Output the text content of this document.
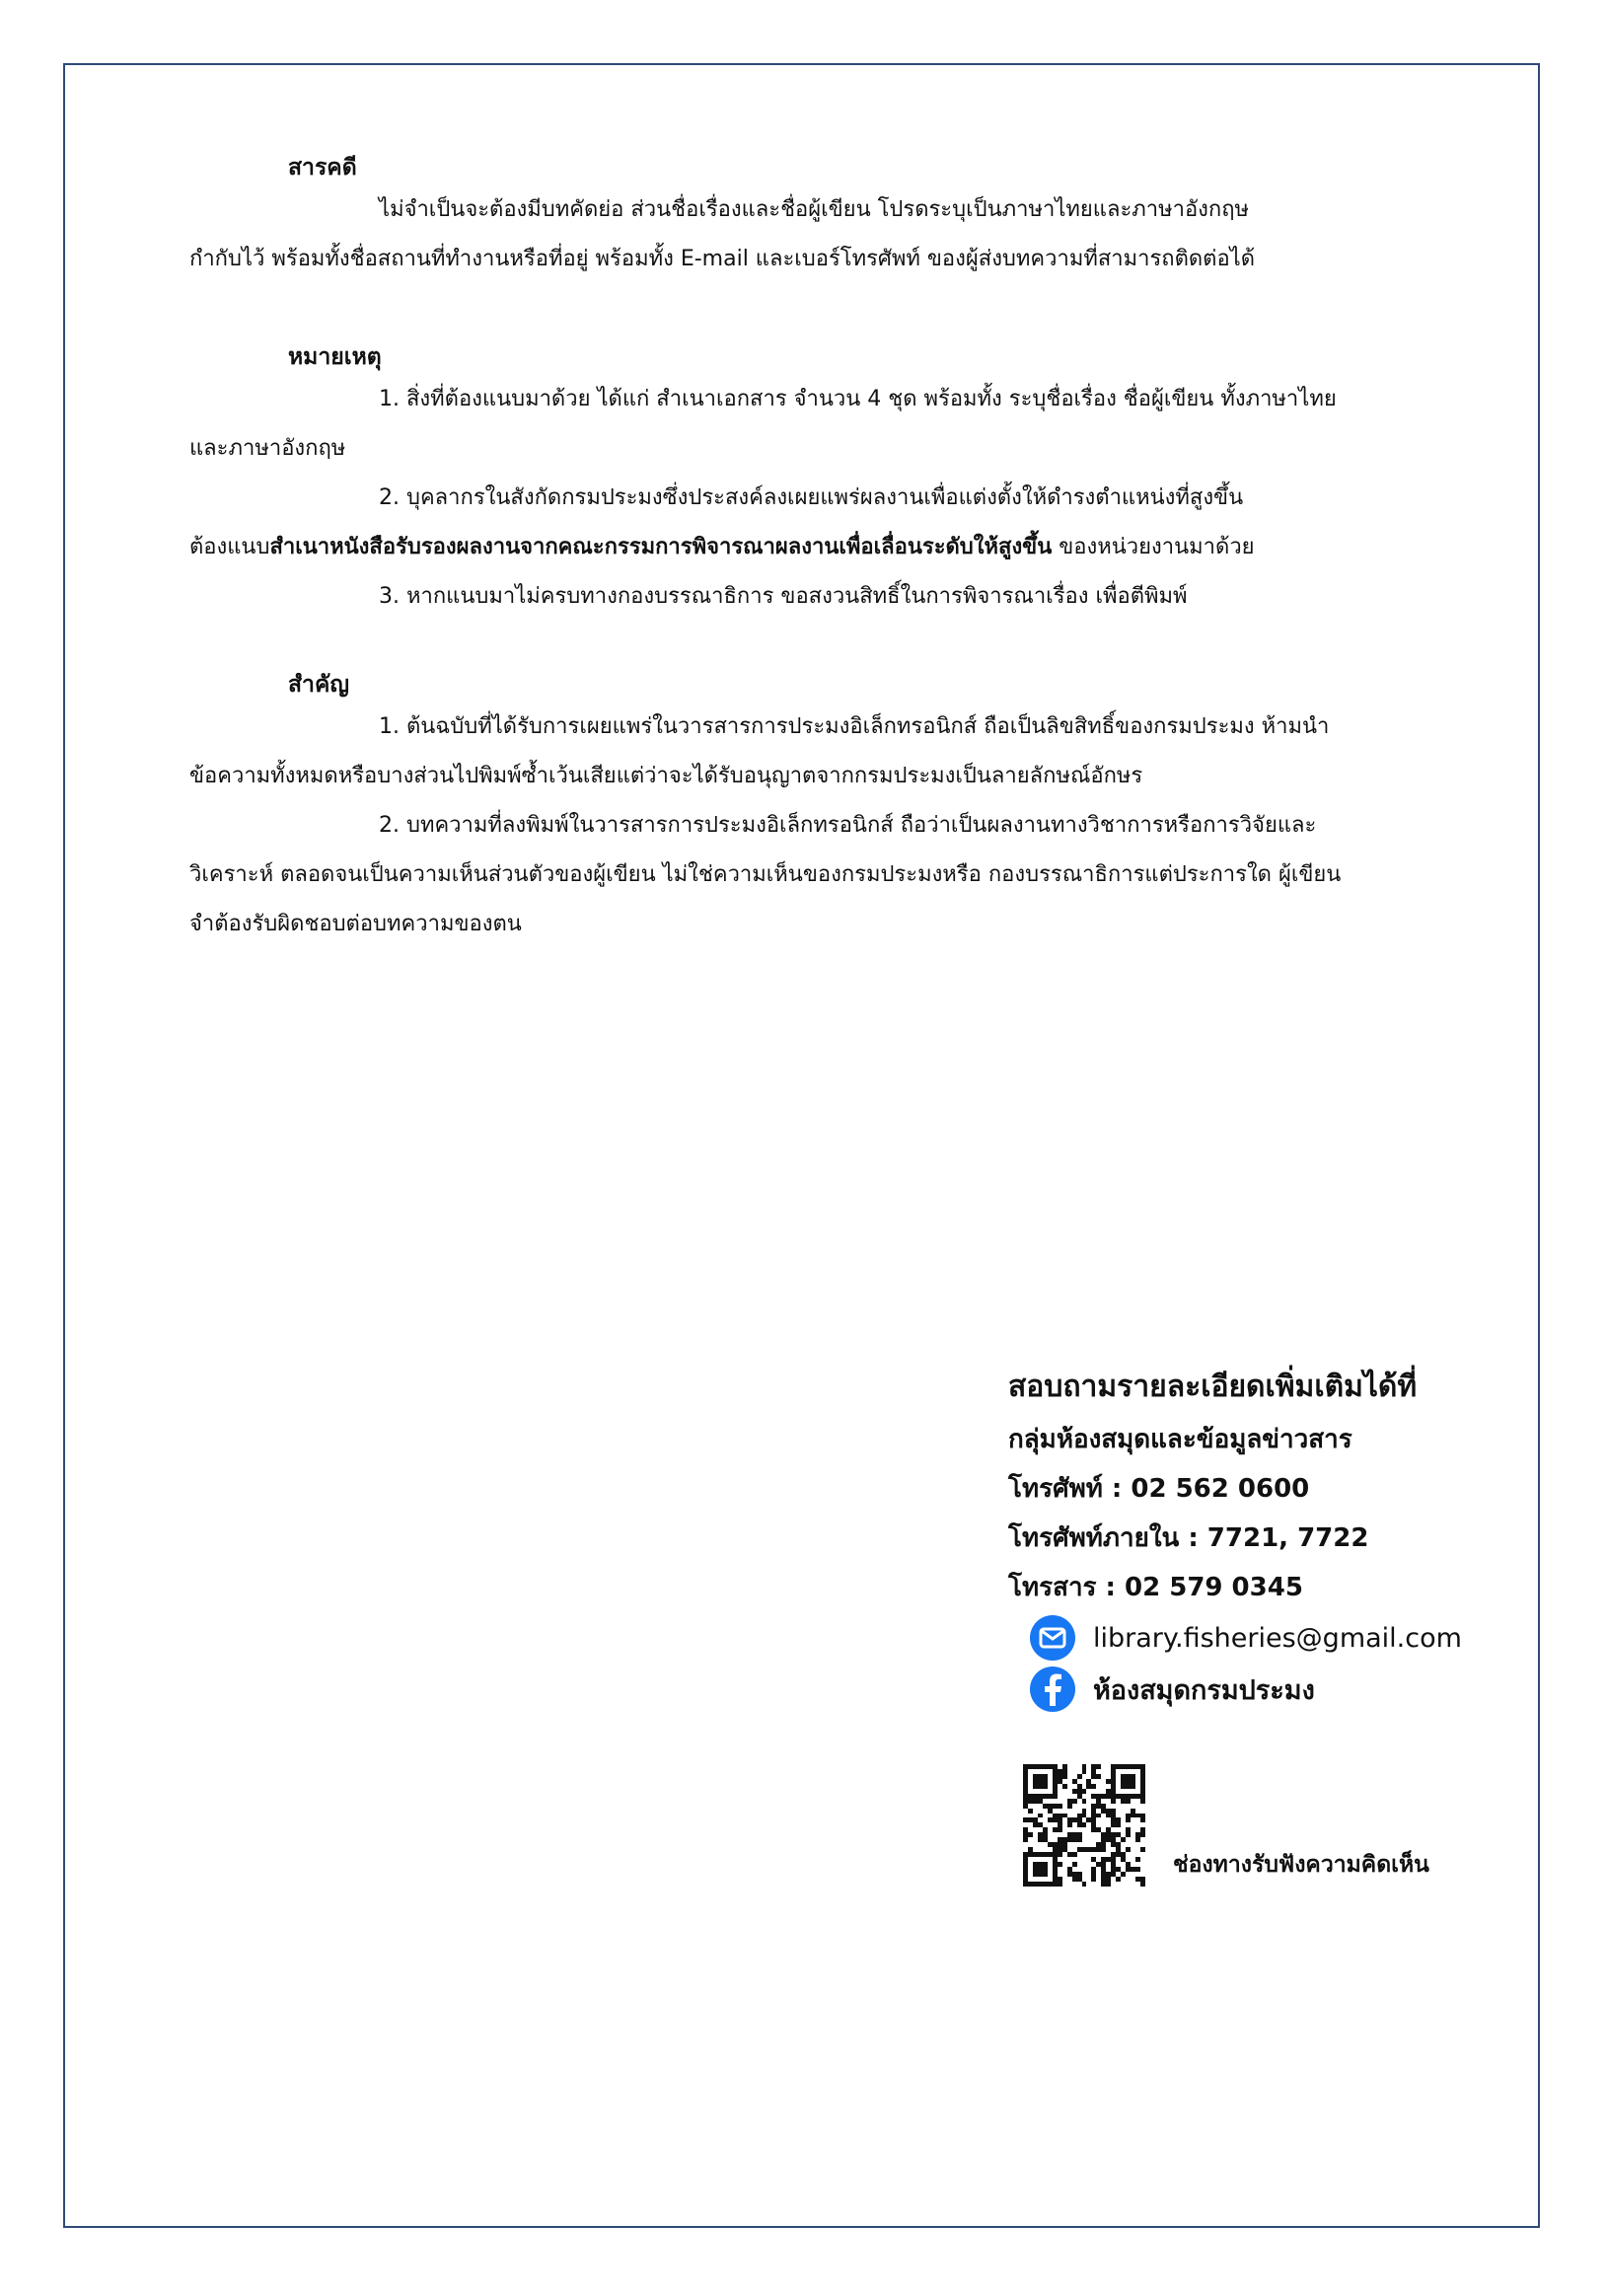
สารคดี
ไม่จำเป็นจะต้องมีบทคัดย่อ ส่วนชื่อเรื่องและชื่อผู้เขียน โปรดระบุเป็นภาษาไทยและภาษาอังกฤษ
กำกับไว้ พร้อมทั้งชื่อสถานที่ทำงานหรือที่อยู่ พร้อมทั้ง E-mail และเบอร์โทรศัพท์ ของผู้ส่งบทความที่สามารถติดต่อได้
หมายเหตุ
1. สิ่งที่ต้องแนบมาด้วย ได้แก่ สำเนาเอกสาร จำนวน 4 ชุด พร้อมทั้ง ระบุชื่อเรื่อง ชื่อผู้เขียน ทั้งภาษาไทย
และภาษาอังกฤษ
2. บุคลากรในสังกัดกรมประมงซึ่งประสงค์ลงเผยแพร่ผลงานเพื่อแต่งตั้งให้ดำรงตำแหน่งที่สูงขึ้น
ต้องแนบสำเนาหนังสือรับรองผลงานจากคณะกรรมการพิจารณาผลงานเพื่อเลื่อนระดับให้สูงขึ้น ของหน่วยงานมาด้วย
3. หากแนบมาไม่ครบทางกองบรรณาธิการ ขอสงวนสิทธิ์ในการพิจารณาเรื่อง เพื่อตีพิมพ์
สำคัญ
1. ต้นฉบับที่ได้รับการเผยแพร่ในวารสารการประมงอิเล็กทรอนิกส์ ถือเป็นลิขสิทธิ์ของกรมประมง ห้ามนำ
ข้อความทั้งหมดหรือบางส่วนไปพิมพ์ซ้ำเว้นเสียแต่ว่าจะได้รับอนุญาตจากกรมประมงเป็นลายลักษณ์อักษร
2. บทความที่ลงพิมพ์ในวารสารการประมงอิเล็กทรอนิกส์ ถือว่าเป็นผลงานทางวิชาการหรือการวิจัยและ
วิเคราะห์ ตลอดจนเป็นความเห็นส่วนตัวของผู้เขียน ไม่ใช่ความเห็นของกรมประมงหรือ กองบรรณาธิการแต่ประการใด ผู้เขียน
จำต้องรับผิดชอบต่อบทความของตน
สอบถามรายละเอียดเพิ่มเติมได้ที่
กลุ่มห้องสมุดและข้อมูลข่าวสาร
โทรศัพท์ : 02 562 0600
โทรศัพท์ภายใน : 7721, 7722
โทรสาร : 02 579 0345
library.fisheries@gmail.com
ห้องสมุดกรมประมง
ช่องทางรับฟังความคิดเห็น
